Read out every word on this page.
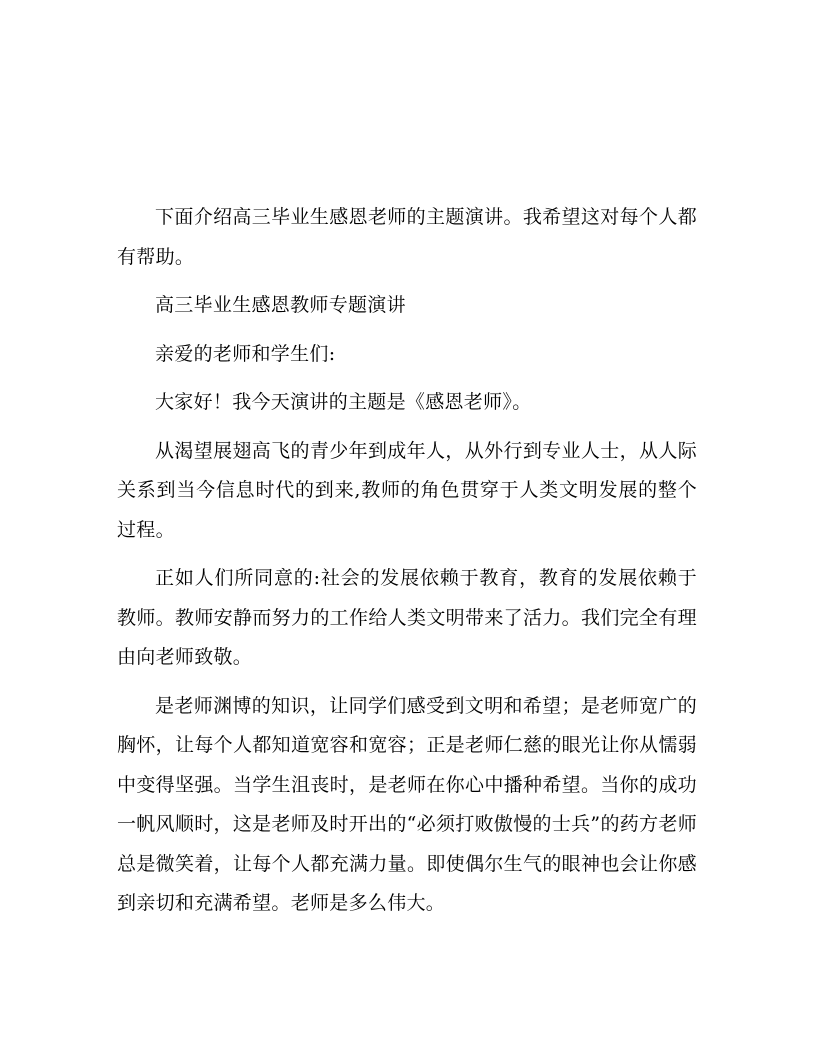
下面介绍高三毕业生感恩老师的主题演讲。我希望这对每个人都有帮助。

高三毕业生感恩教师专题演讲

亲爱的老师和学生们:

大家好！我今天演讲的主题是《感恩老师》。

从渴望展翅高飞的青少年到成年人，从外行到专业人士，从人际关系到当今信息时代的到来,教师的角色贯穿于人类文明发展的整个过程。

正如人们所同意的:社会的发展依赖于教育，教育的发展依赖于教师。教师安静而努力的工作给人类文明带来了活力。我们完全有理由向老师致敬。

是老师渊博的知识，让同学们感受到文明和希望；是老师宽广的胸怀，让每个人都知道宽容和宽容；正是老师仁慈的眼光让你从懦弱中变得坚强。当学生沮丧时，是老师在你心中播种希望。当你的成功一帆风顺时，这是老师及时开出的“必须打败傲慢的士兵”的药方老师总是微笑着，让每个人都充满力量。即使偶尔生气的眼神也会让你感到亲切和充满希望。老师是多么伟大。
